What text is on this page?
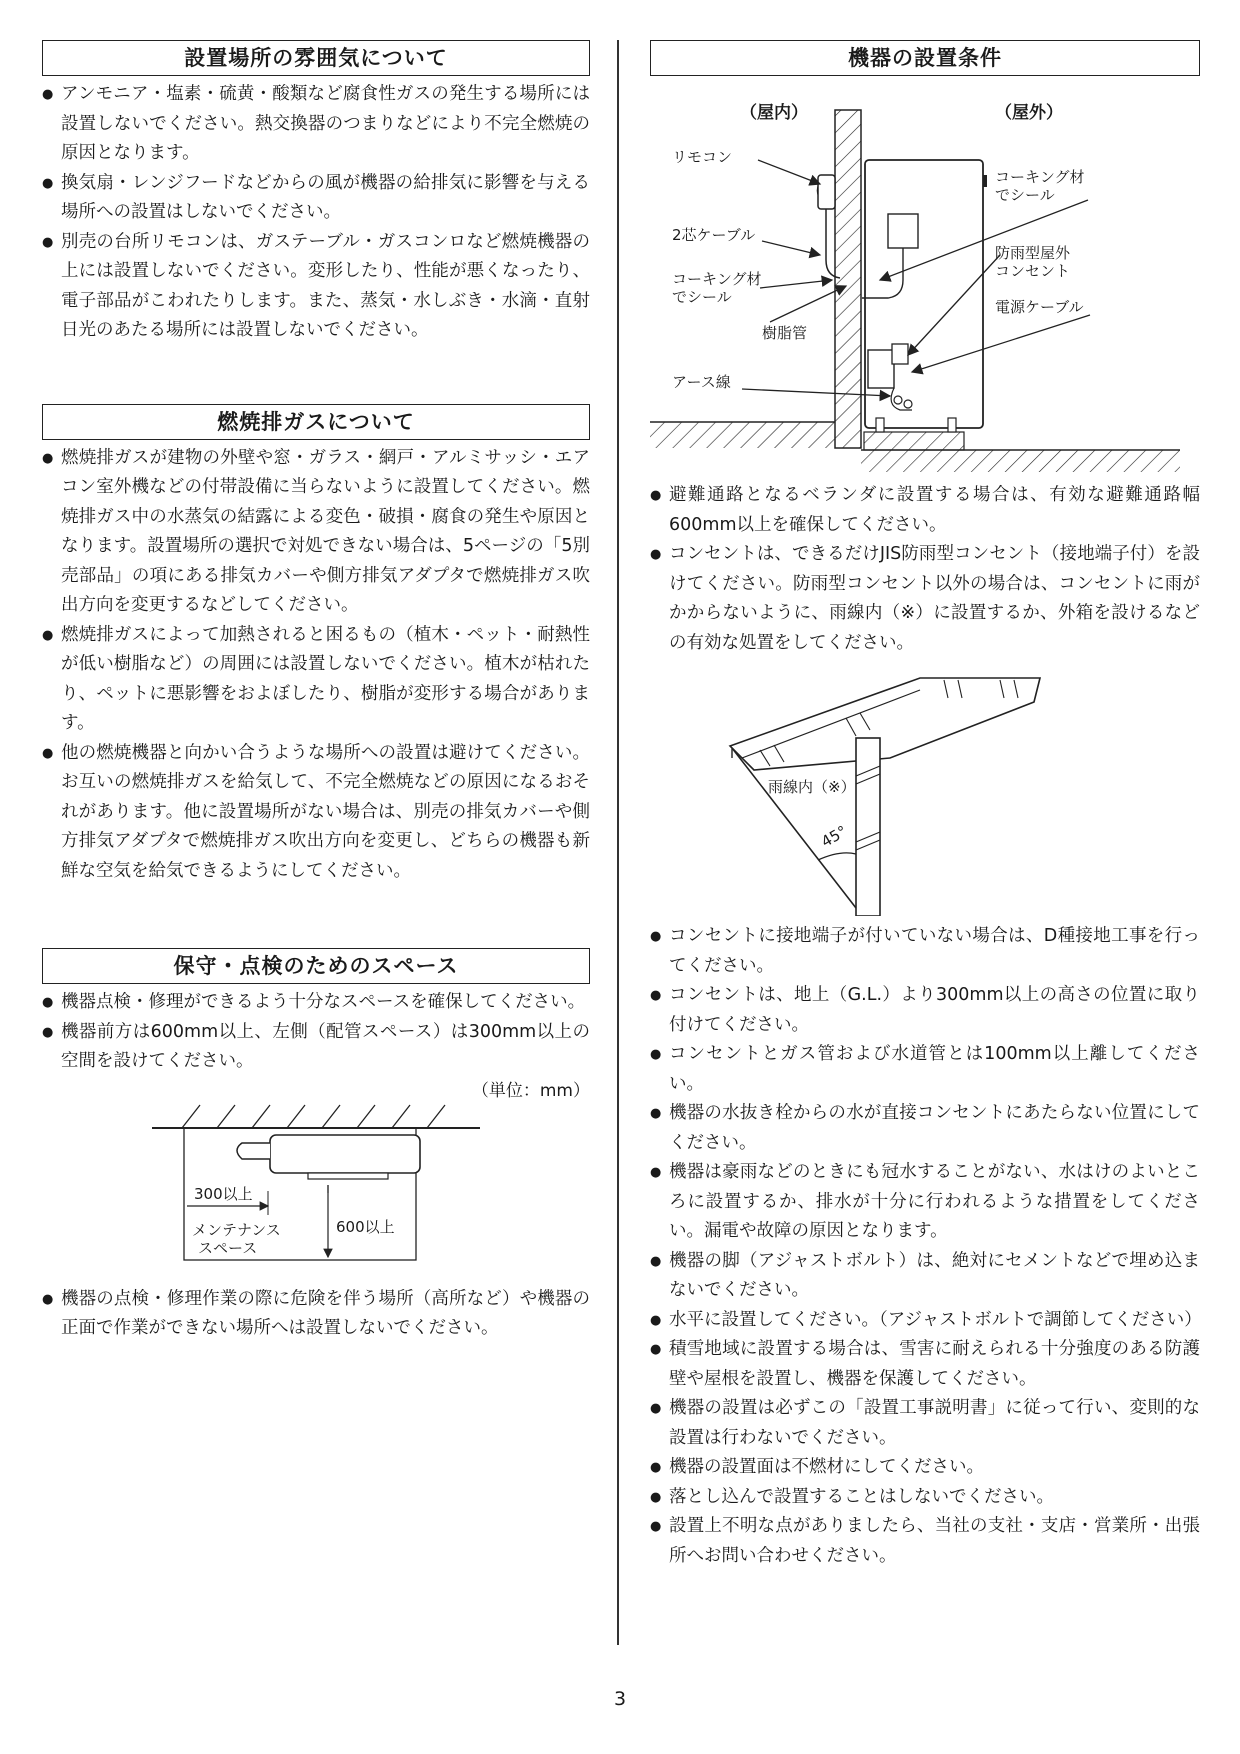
設置場所の雰囲気について
● アンモニア・塩素・硫黄・酸類など腐食性ガスの発生する場所には設置しないでください。熱交換器のつまりなどにより不完全燃焼の原因となります。
● 換気扇・レンジフードなどからの風が機器の給排気に影響を与える場所への設置はしないでください。
● 別売の台所リモコンは、ガステーブル・ガスコンロなど燃焼機器の上には設置しないでください。変形したり、性能が悪くなったり、電子部品がこわれたりします。また、蒸気・水しぶき・水滴・直射日光のあたる場所には設置しないでください。
燃焼排ガスについて
● 燃焼排ガスが建物の外壁や窓・ガラス・網戸・アルミサッシ・エアコン室外機などの付帯設備に当らないように設置してください。燃焼排ガス中の水蒸気の結露による変色・破損・腐食の発生や原因となります。設置場所の選択で対処できない場合は、5ページの「5別売部品」の項にある排気カバーや側方排気アダプタで燃焼排ガス吹出方向を変更するなどしてください。
● 燃焼排ガスによって加熱されると困るもの（植木・ペット・耐熱性が低い樹脂など）の周囲には設置しないでください。植木が枯れたり、ペットに悪影響をおよぼしたり、樹脂が変形する場合があります。
● 他の燃焼機器と向かい合うような場所への設置は避けてください。お互いの燃焼排ガスを給気して、不完全燃焼などの原因になるおそれがあります。他に設置場所がない場合は、別売の排気カバーや側方排気アダプタで燃焼排ガス吹出方向を変更し、どちらの機器も新鮮な空気を給気できるようにしてください。
保守・点検のためのスペース
● 機器点検・修理ができるよう十分なスペースを確保してください。
● 機器前方は600mm以上、左側（配管スペース）は300mm以上の空間を設けてください。
（単位：mm）
300以上
メンテナンス
スペース
600以上
● 機器の点検・修理作業の際に危険を伴う場所（高所など）や機器の正面で作業ができない場所へは設置しないでください。
機器の設置条件
（屋内）	（屋外）
リモコン
2芯ケーブル
コーキング材
でシール
樹脂管
アース線
コーキング材
でシール
防雨型屋外
コンセント
電源ケーブル
● 避難通路となるベランダに設置する場合は、有効な避難通路幅600mm以上を確保してください。
● コンセントは、できるだけJIS防雨型コンセント（接地端子付）を設けてください。防雨型コンセント以外の場合は、コンセントに雨がかからないように、雨線内（※）に設置するか、外箱を設けるなどの有効な処置をしてください。
雨線内（※）
45°
● コンセントに接地端子が付いていない場合は、D種接地工事を行ってください。
● コンセントは、地上（G.L.）より300mm以上の高さの位置に取り付けてください。
● コンセントとガス管および水道管とは100mm以上離してください。
● 機器の水抜き栓からの水が直接コンセントにあたらない位置にしてください。
● 機器は豪雨などのときにも冠水することがない、水はけのよいところに設置するか、排水が十分に行われるような措置をしてください。漏電や故障の原因となります。
● 機器の脚（アジャストボルト）は、絶対にセメントなどで埋め込まないでください。
● 水平に設置してください。（アジャストボルトで調節してください）
● 積雪地域に設置する場合は、雪害に耐えられる十分強度のある防護壁や屋根を設置し、機器を保護してください。
● 機器の設置は必ずこの「設置工事説明書」に従って行い、変則的な設置は行わないでください。
● 機器の設置面は不燃材にしてください。
● 落とし込んで設置することはしないでください。
● 設置上不明な点がありましたら、当社の支社・支店・営業所・出張所へお問い合わせください。
3
